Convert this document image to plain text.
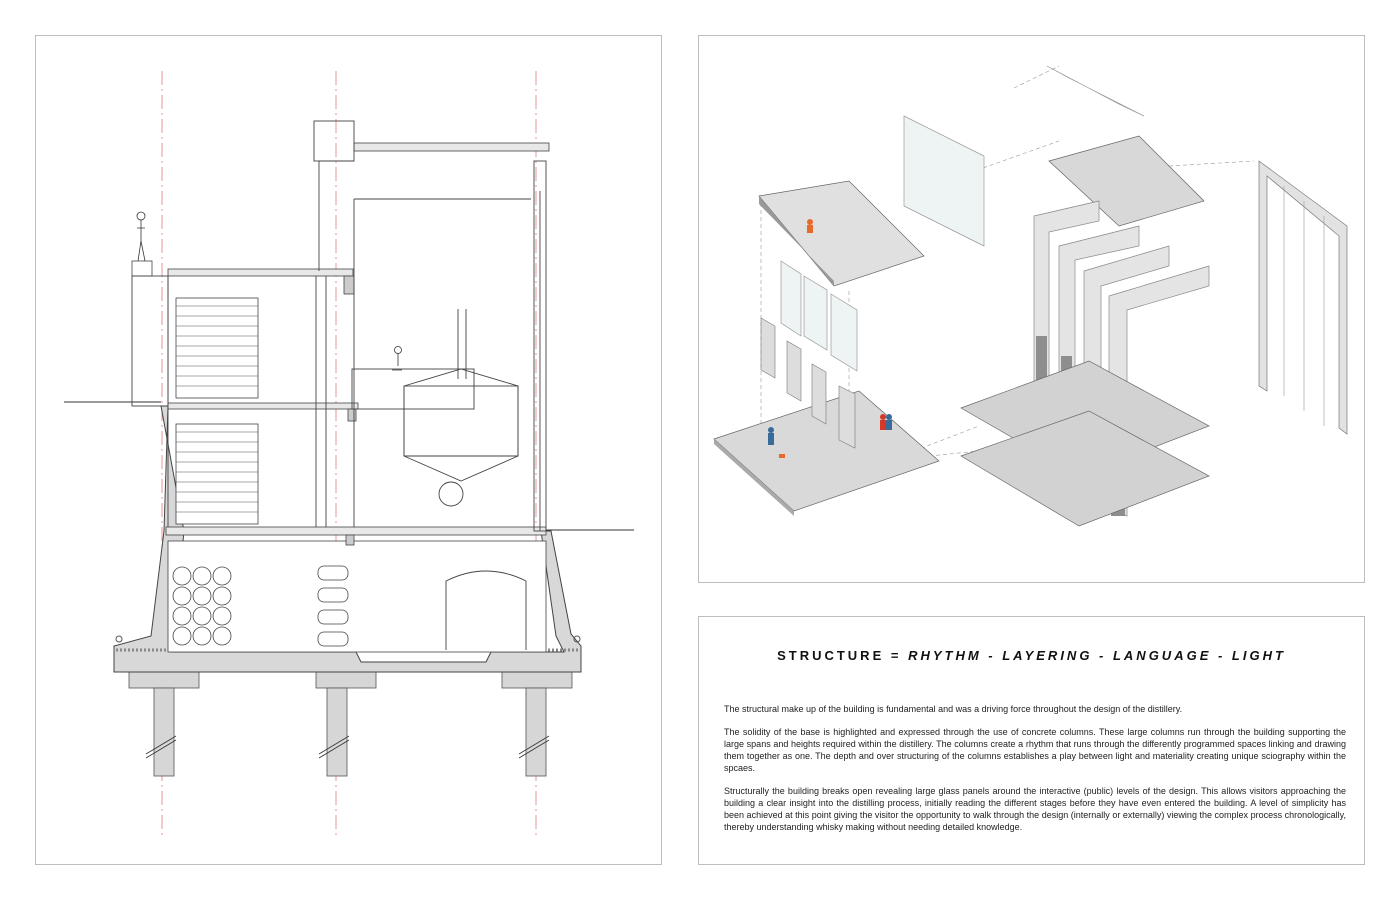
STRUCTURE = RHYTHM - LAYERING - LANGUAGE - LIGHT

The structural make up of the building is fundamental and was a driving force throughout the design of the distillery.

The solidity of the base is highlighted and expressed through the use of concrete columns. These large columns run through the building supporting the large spans and heights required within the distillery. The columns create a rhythm that runs through the differently programmed spaces linking and drawing them together as one. The depth and over structuring of the columns establishes a play between light and materiality creating unique sciography within the spcaes.

Structurally the building breaks open revealing large glass panels around the interactive (public) levels of the design. This allows visitors approaching the building a clear insight into the distilling process, initially reading the different stages before they have even entered the building. A level of simplicity has been achieved at this point giving the visitor the opportunity to walk through the design (internally or externally) viewing the complex process chronologically, thereby understanding whisky making without needing detailed knowledge.
